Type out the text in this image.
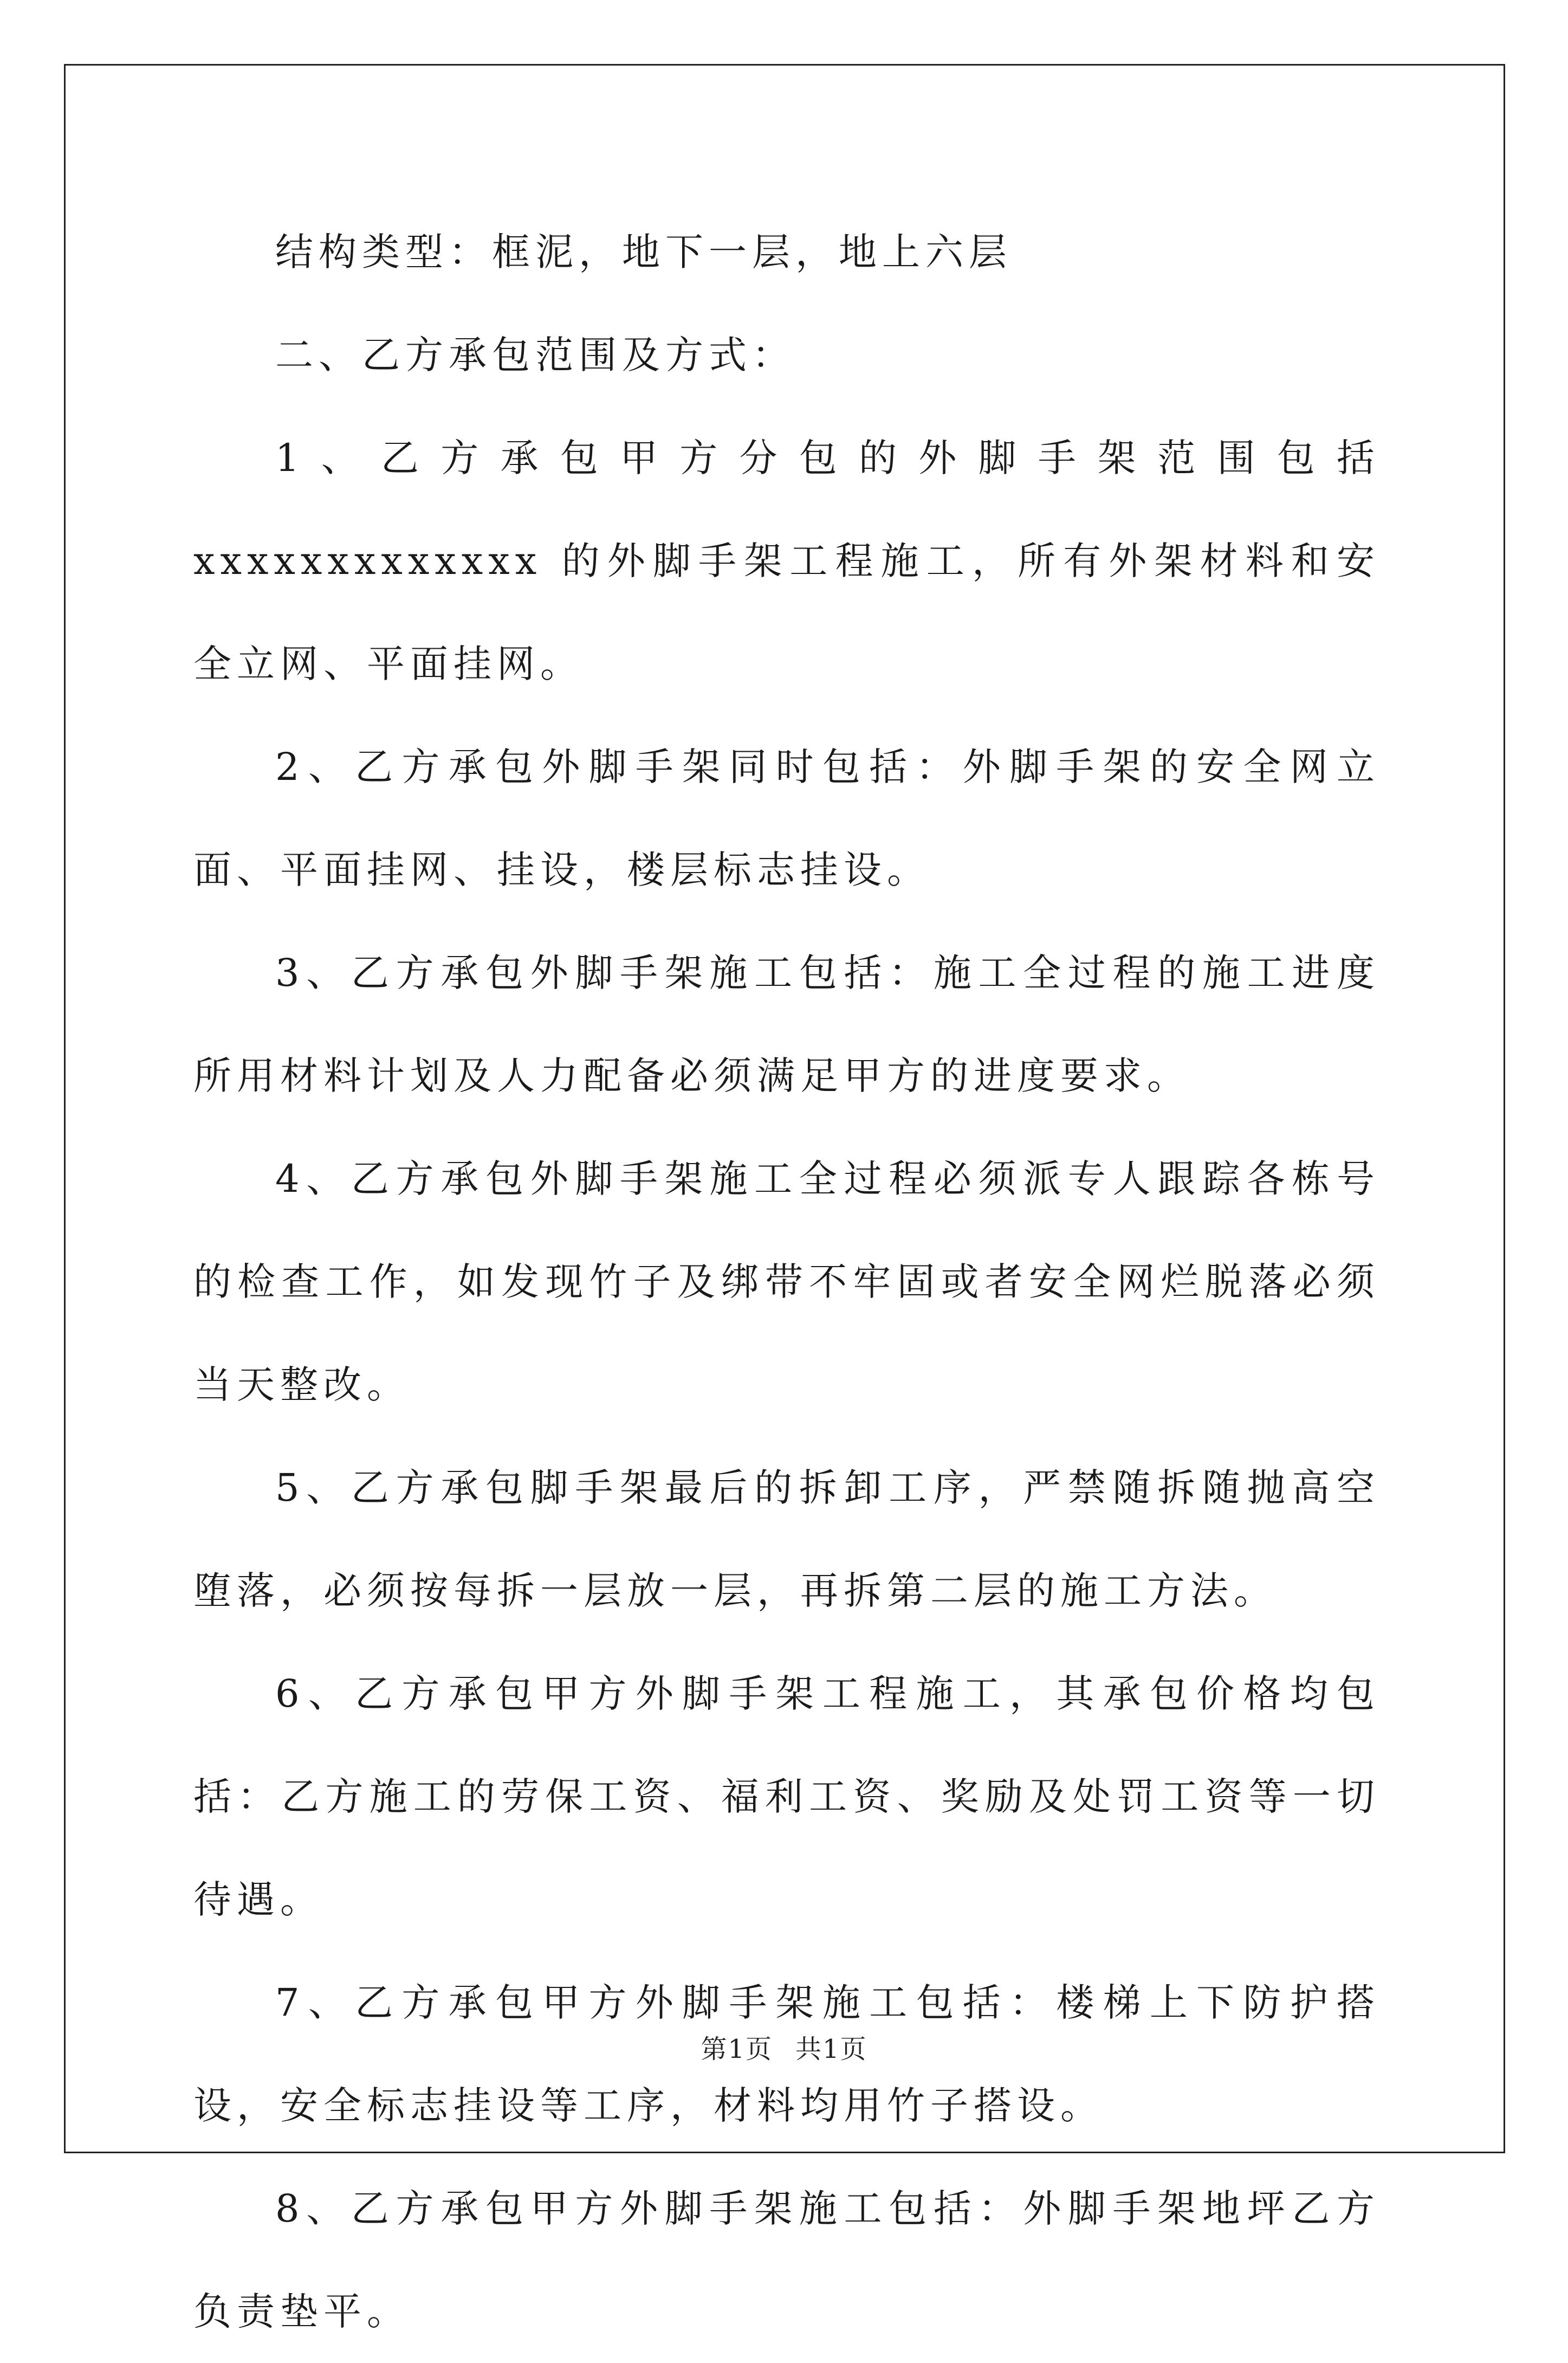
结构类型：框泥，地下一层，地上六层

二、乙方承包范围及方式：

1、乙方承包甲方分包的外脚手架范围包括 xxxxxxxxxxxxx 的外脚手架工程施工，所有外架材料和安全立网、平面挂网。

2、乙方承包外脚手架同时包括：外脚手架的安全网立面、平面挂网、挂设，楼层标志挂设。

3、乙方承包外脚手架施工包括：施工全过程的施工进度所用材料计划及人力配备必须满足甲方的进度要求。

4、乙方承包外脚手架施工全过程必须派专人跟踪各栋号的检查工作，如发现竹子及绑带不牢固或者安全网烂脱落必须当天整改。

5、乙方承包脚手架最后的拆卸工序，严禁随拆随抛高空堕落，必须按每拆一层放一层，再拆第二层的施工方法。

6、乙方承包甲方外脚手架工程施工，其承包价格均包括：乙方施工的劳保工资、福利工资、奖励及处罚工资等一切待遇。

7、乙方承包甲方外脚手架施工包括：楼梯上下防护搭设，安全标志挂设等工序，材料均用竹子搭设。

8、乙方承包甲方外脚手架施工包括：外脚手架地坪乙方负责垫平。

第1页 共1页
